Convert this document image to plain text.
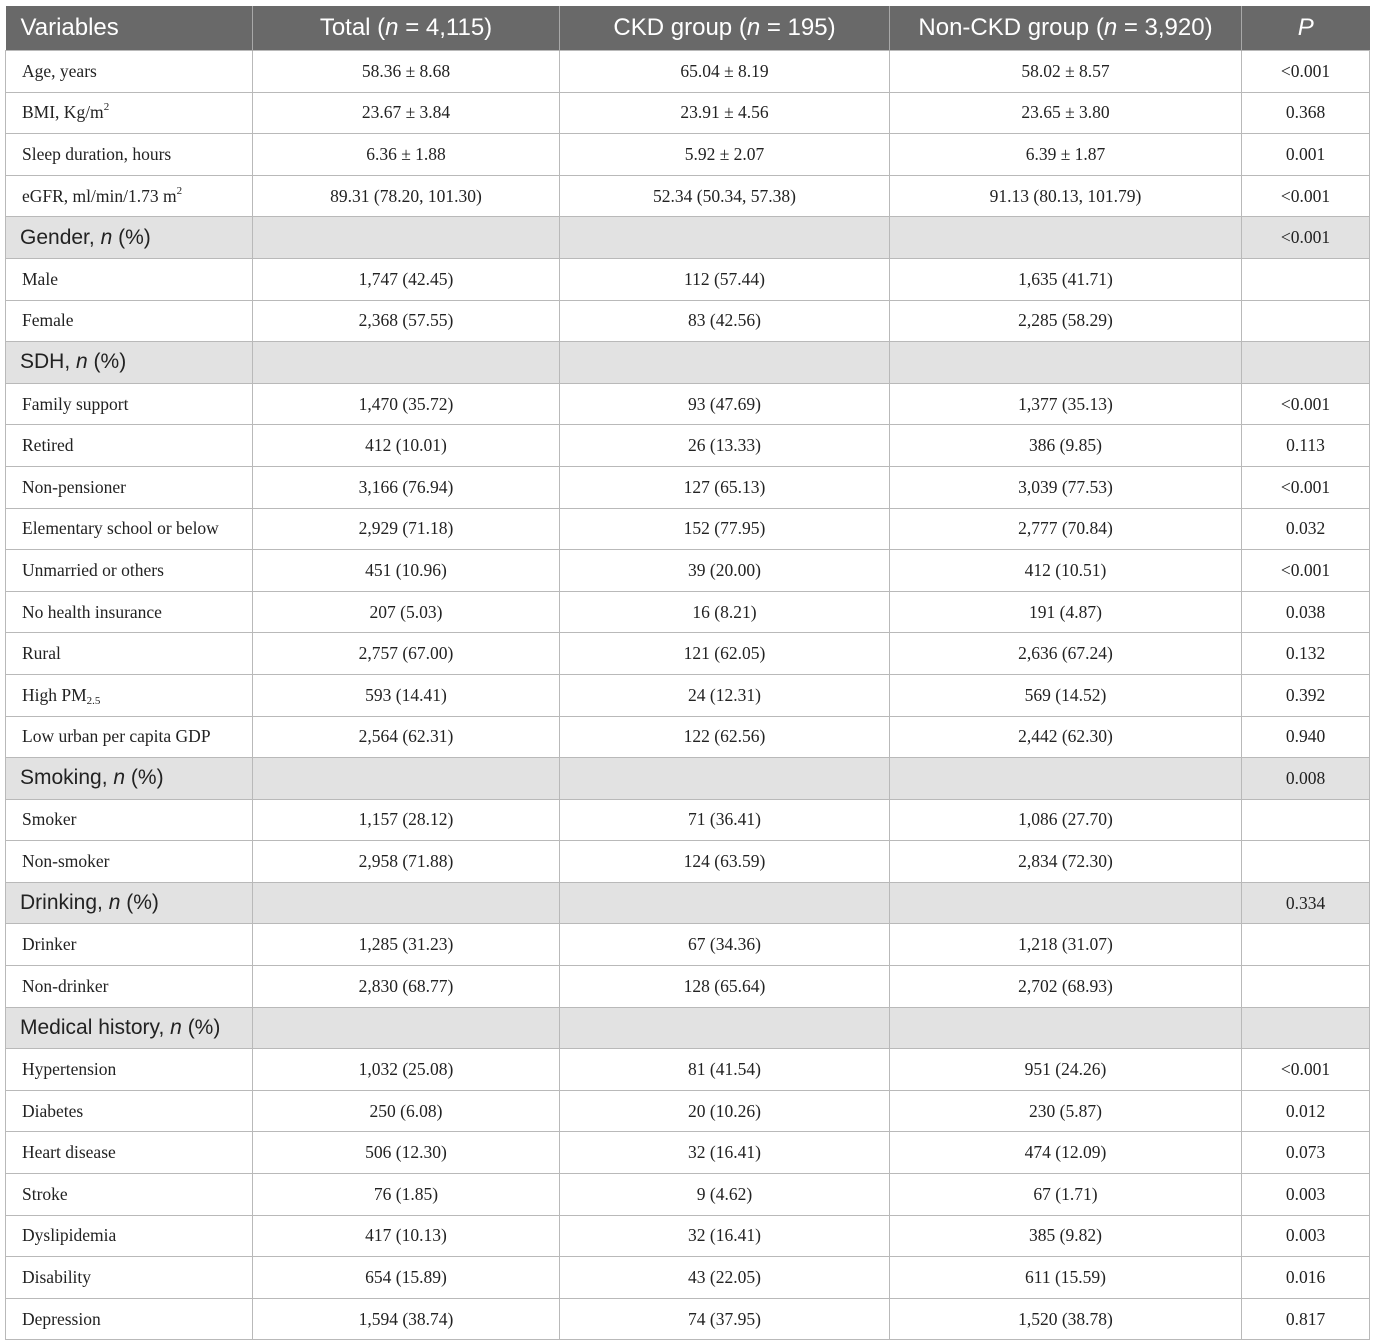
Variables	Total (n = 4,115)	CKD group (n = 195)	Non-CKD group (n = 3,920)	P
Age, years	58.36 ± 8.68	65.04 ± 8.19	58.02 ± 8.57	<0.001
BMI, $Kg/m^2$	23.67 ± 3.84	23.91 ± 4.56	23.65 ± 3.80	0.368
Sleep duration, hours	6.36 ± 1.88	5.92 ± 2.07	6.39 ± 1.87	0.001
eGFR, ml/min/1.73 $m^2$	89.31 (78.20, 101.30)	52.34 (50.34, 57.38)	91.13 (80.13, 101.79)	<0.001
Gender, n (%)				<0.001
Male	1,747 (42.45)	112 (57.44)	1,635 (41.71)	
Female	2,368 (57.55)	83 (42.56)	2,285 (58.29)	
SDH, n (%)				
Family support	1,470 (35.72)	93 (47.69)	1,377 (35.13)	<0.001
Retired	412 (10.01)	26 (13.33)	386 (9.85)	0.113
Non-pensioner	3,166 (76.94)	127 (65.13)	3,039 (77.53)	<0.001
Elementary school or below	2,929 (71.18)	152 (77.95)	2,777 (70.84)	0.032
Unmarried or others	451 (10.96)	39 (20.00)	412 (10.51)	<0.001
No health insurance	207 (5.03)	16 (8.21)	191 (4.87)	0.038
Rural	2,757 (67.00)	121 (62.05)	2,636 (67.24)	0.132
High $PM_{2.5}$	593 (14.41)	24 (12.31)	569 (14.52)	0.392
Low urban per capita GDP	2,564 (62.31)	122 (62.56)	2,442 (62.30)	0.940
Smoking, n (%)				0.008
Smoker	1,157 (28.12)	71 (36.41)	1,086 (27.70)	
Non-smoker	2,958 (71.88)	124 (63.59)	2,834 (72.30)	
Drinking, n (%)				0.334
Drinker	1,285 (31.23)	67 (34.36)	1,218 (31.07)	
Non-drinker	2,830 (68.77)	128 (65.64)	2,702 (68.93)	
Medical history, n (%)				
Hypertension	1,032 (25.08)	81 (41.54)	951 (24.26)	<0.001
Diabetes	250 (6.08)	20 (10.26)	230 (5.87)	0.012
Heart disease	506 (12.30)	32 (16.41)	474 (12.09)	0.073
Stroke	76 (1.85)	9 (4.62)	67 (1.71)	0.003
Dyslipidemia	417 (10.13)	32 (16.41)	385 (9.82)	0.003
Disability	654 (15.89)	43 (22.05)	611 (15.59)	0.016
Depression	1,594 (38.74)	74 (37.95)	1,520 (38.78)	0.817
